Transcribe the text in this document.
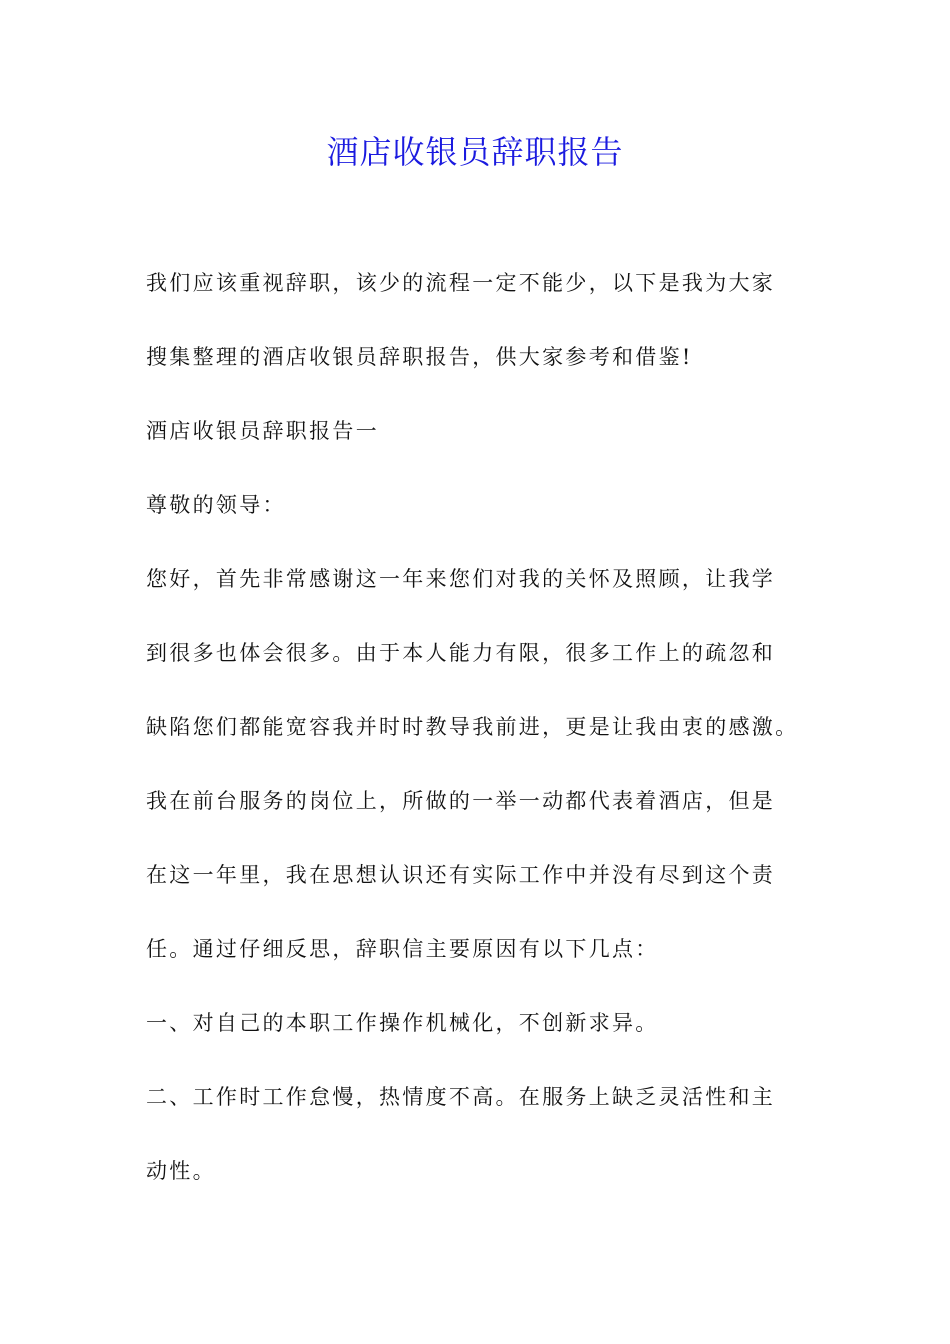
酒店收银员辞职报告
我们应该重视辞职，该少的流程一定不能少，以下是我为大家
搜集整理的酒店收银员辞职报告，供大家参考和借鉴!
酒店收银员辞职报告一
尊敬的领导：
您好，首先非常感谢这一年来您们对我的关怀及照顾，让我学
到很多也体会很多。由于本人能力有限，很多工作上的疏忽和
缺陷您们都能宽容我并时时教导我前进，更是让我由衷的感激。
我在前台服务的岗位上，所做的一举一动都代表着酒店，但是
在这一年里，我在思想认识还有实际工作中并没有尽到这个责
任。通过仔细反思，辞职信主要原因有以下几点：
一、对自己的本职工作操作机械化，不创新求异。
二、工作时工作怠慢，热情度不高。在服务上缺乏灵活性和主
动性。
